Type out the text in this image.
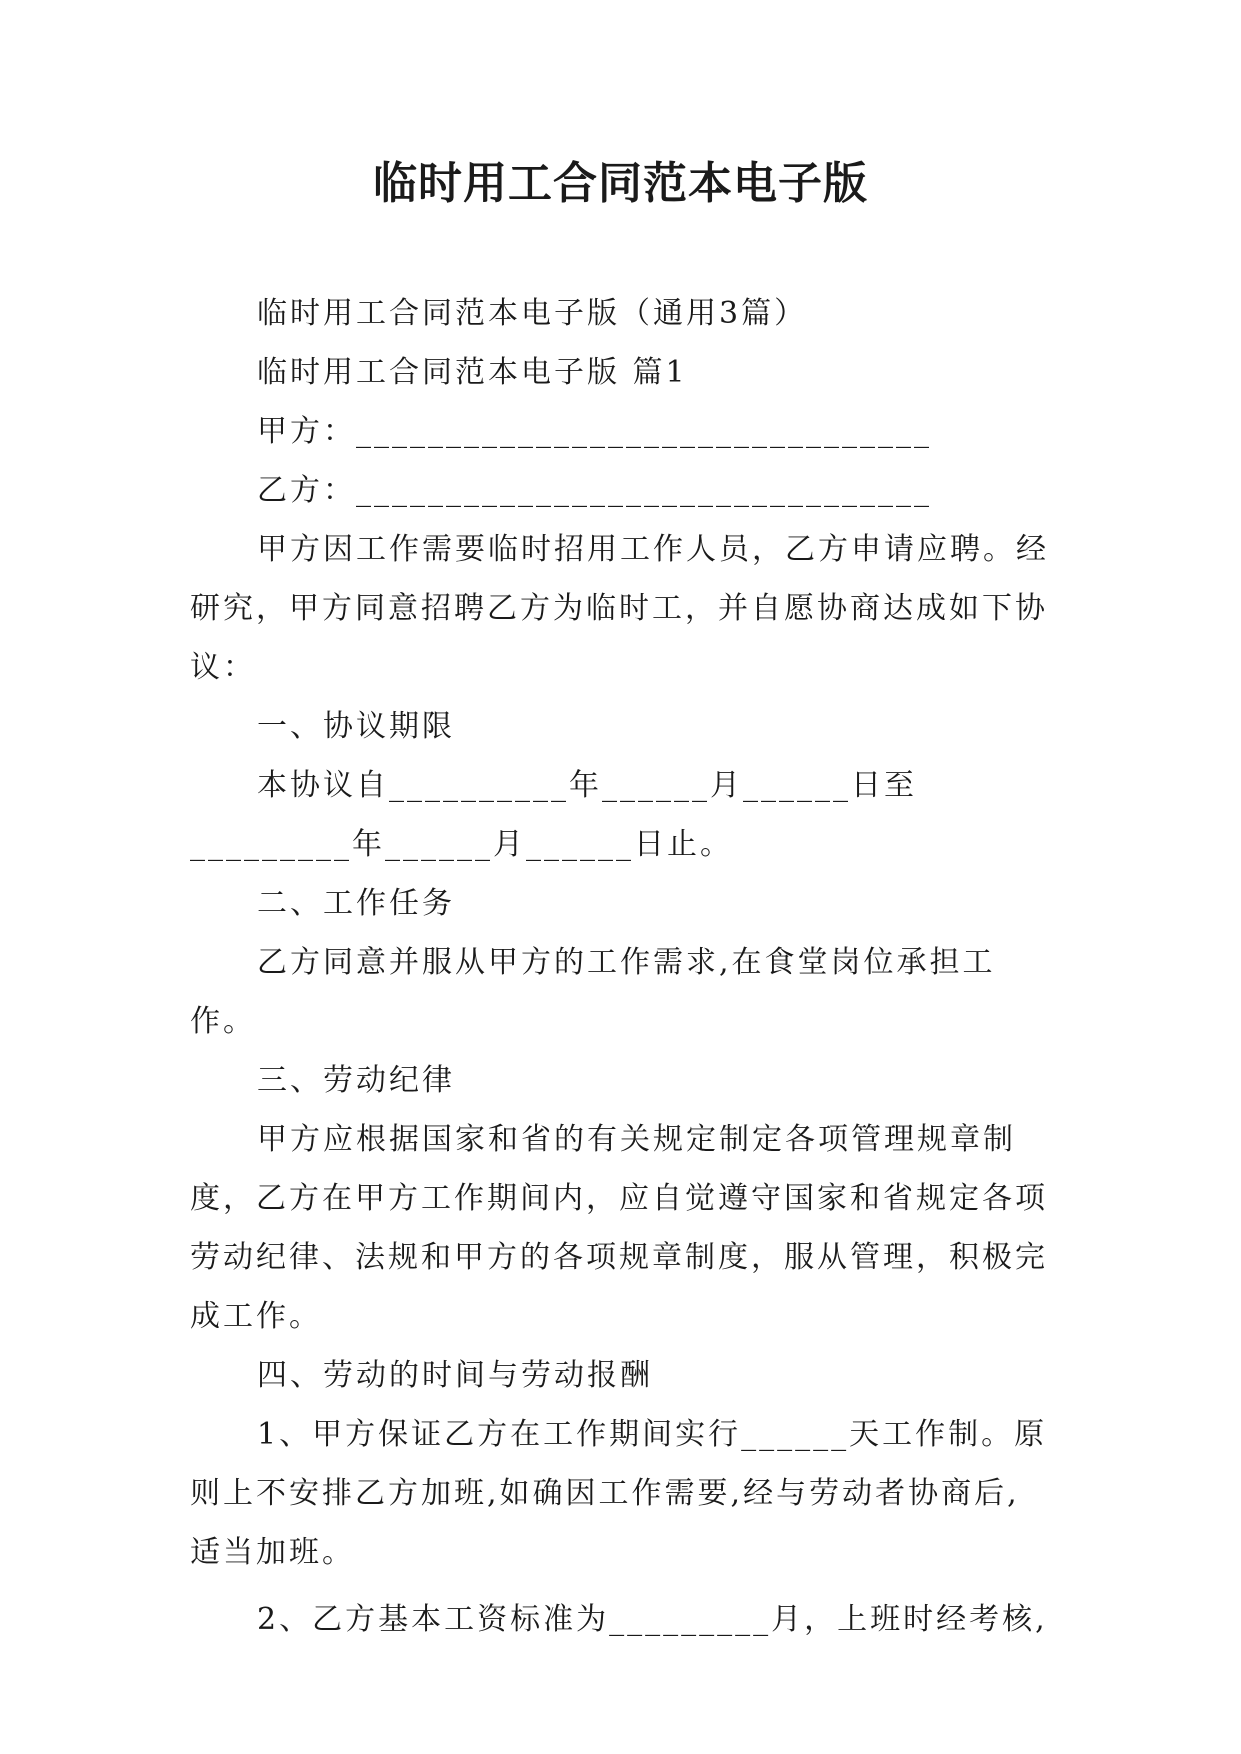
临时用工合同范本电子版

临时用工合同范本电子版（通用3篇）

临时用工合同范本电子版 篇1

甲方：________________________________

乙方：________________________________

甲方因工作需要临时招用工作人员，乙方申请应聘。经研究，甲方同意招聘乙方为临时工，并自愿协商达成如下协议：

一、协议期限

本协议自__________年______月______日至_________年______月______日止。

二、工作任务

乙方同意并服从甲方的工作需求,在食堂岗位承担工作。

三、劳动纪律

甲方应根据国家和省的有关规定制定各项管理规章制度，乙方在甲方工作期间内，应自觉遵守国家和省规定各项劳动纪律、法规和甲方的各项规章制度，服从管理，积极完成工作。

四、劳动的时间与劳动报酬

1、甲方保证乙方在工作期间实行______天工作制。原则上不安排乙方加班,如确因工作需要,经与劳动者协商后,适当加班。

2、乙方基本工资标准为_________月，上班时经考核,
